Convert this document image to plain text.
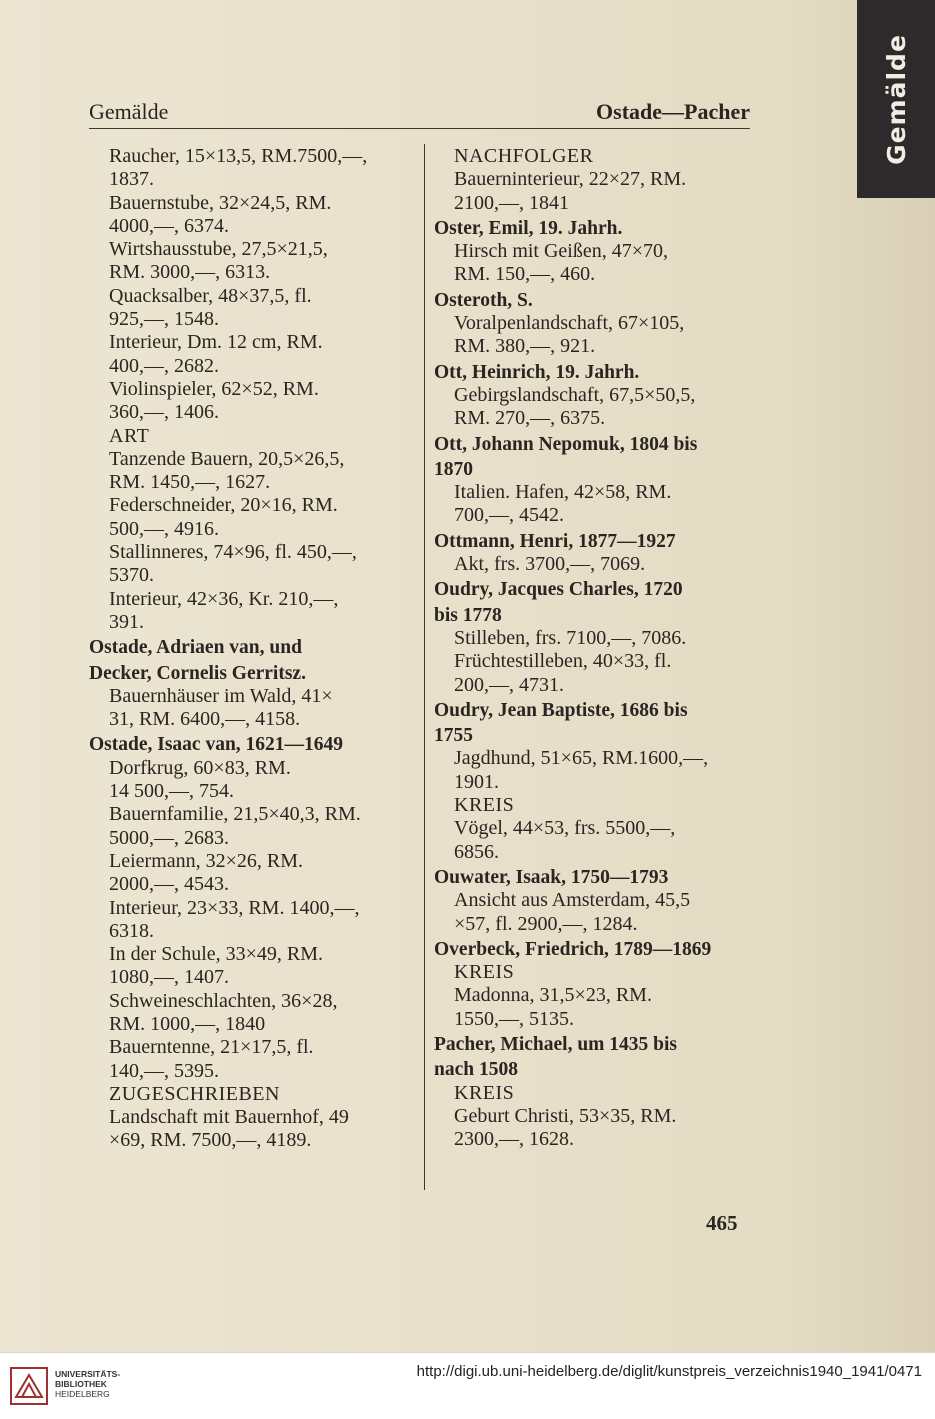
Gemälde
Gemälde	Ostade—Pacher
Raucher, 15×13,5, RM.7500,—,
1837.
Bauernstube, 32×24,5, RM.
4000,—, 6374.
Wirtshausstube, 27,5×21,5,
RM. 3000,—, 6313.
Quacksalber, 48×37,5, fl.
925,—, 1548.
Interieur, Dm. 12 cm, RM.
400,—, 2682.
Violinspieler, 62×52, RM.
360,—, 1406.
ART
Tanzende Bauern, 20,5×26,5,
RM. 1450,—, 1627.
Federschneider, 20×16, RM.
500,—, 4916.
Stallinneres, 74×96, fl. 450,—,
5370.
Interieur, 42×36, Kr. 210,—,
391.
Ostade, Adriaen van, und
Decker, Cornelis Gerritsz.
Bauernhäuser im Wald, 41×
31, RM. 6400,—, 4158.
Ostade, Isaac van, 1621—1649
Dorfkrug, 60×83, RM.
14 500,—, 754.
Bauernfamilie, 21,5×40,3, RM.
5000,—, 2683.
Leiermann, 32×26, RM.
2000,—, 4543.
Interieur, 23×33, RM. 1400,—,
6318.
In der Schule, 33×49, RM.
1080,—, 1407.
Schweineschlachten, 36×28,
RM. 1000,—, 1840
Bauerntenne, 21×17,5, fl.
140,—, 5395.
ZUGESCHRIEBEN
Landschaft mit Bauernhof, 49
×69, RM. 7500,—, 4189.
NACHFOLGER
Bauerninterieur, 22×27, RM.
2100,—, 1841
Oster, Emil, 19. Jahrh.
Hirsch mit Geißen, 47×70,
RM. 150,—, 460.
Osteroth, S.
Voralpenlandschaft, 67×105,
RM. 380,—, 921.
Ott, Heinrich, 19. Jahrh.
Gebirgslandschaft, 67,5×50,5,
RM. 270,—, 6375.
Ott, Johann Nepomuk, 1804 bis
1870
Italien. Hafen, 42×58, RM.
700,—, 4542.
Ottmann, Henri, 1877—1927
Akt, frs. 3700,—, 7069.
Oudry, Jacques Charles, 1720
bis 1778
Stilleben, frs. 7100,—, 7086.
Früchtestilleben, 40×33, fl.
200,—, 4731.
Oudry, Jean Baptiste, 1686 bis
1755
Jagdhund, 51×65, RM.1600,—,
1901.
KREIS
Vögel, 44×53, frs. 5500,—,
6856.
Ouwater, Isaak, 1750—1793
Ansicht aus Amsterdam, 45,5
×57, fl. 2900,—, 1284.
Overbeck, Friedrich, 1789—1869
KREIS
Madonna, 31,5×23, RM.
1550,—, 5135.
Pacher, Michael, um 1435 bis
nach 1508
KREIS
Geburt Christi, 53×35, RM.
2300,—, 1628.
465
UNIVERSITÄTS-
BIBLIOTHEK
HEIDELBERG
http://digi.ub.uni-heidelberg.de/diglit/kunstpreis_verzeichnis1940_1941/0471
